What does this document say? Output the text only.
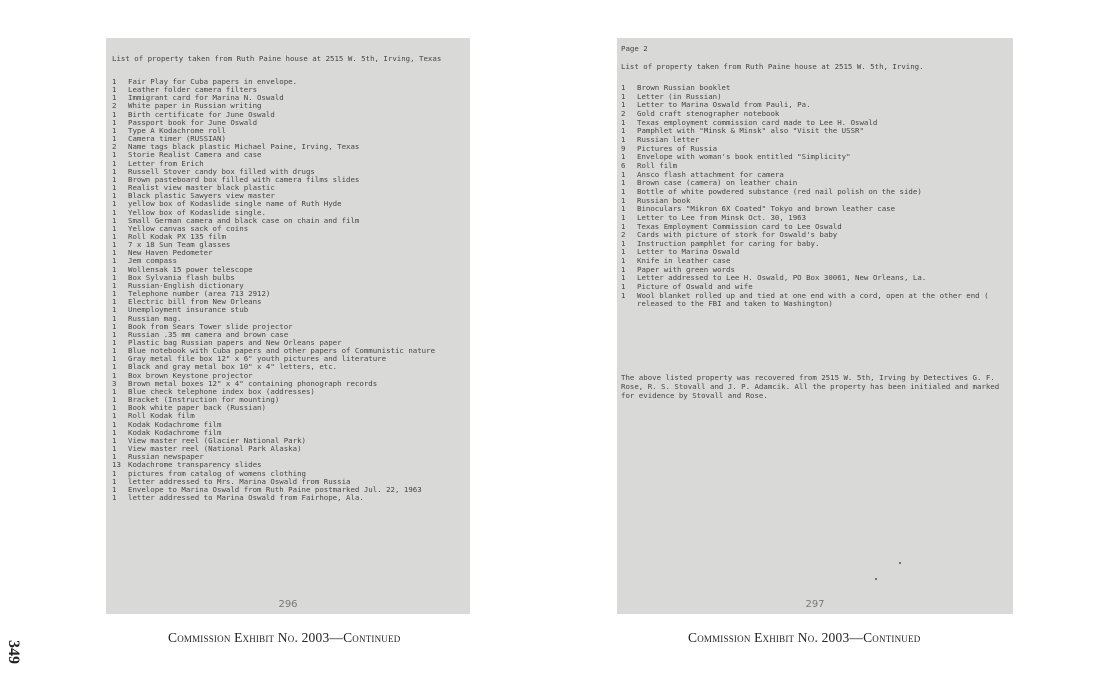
List of property taken from Ruth Paine house at 2515 W. 5th, Irving, Texas
1	Fair Play for Cuba papers in envelope.
1	Leather folder camera filters
1	Immigrant card for Marina N. Oswald
2	White paper in Russian writing
1	Birth certificate for June Oswald
1	Passport book for June Oswald
1	Type A Kodachrome roll
1	Camera timer (RUSSIAN)
2	Name tags black plastic Michael Paine, Irving, Texas
1	Storie Realist Camera and case
1	Letter from Erich
1	Russell Stover candy box filled with drugs
1	Brown pasteboard box filled with camera films slides
1	Realist view master black plastic
1	Black plastic Sawyers view master
1	yellow box of Kodaslide single name of Ruth Hyde
1	Yellow box of Kodaslide single.
1	Small German camera and black case on chain and film
1	Yellow canvas sack of coins
1	Roll Kodak PX 135 film
1	7 x 18 Sun Team glasses
1	New Haven Pedometer
1	Jem compass
1	Wollensak 15 power telescope
1	Box Sylvania flash bulbs
1	Russian-English dictionary
1	Telephone number (area 713 2912)
1	Electric bill from New Orleans
1	Unemployment insurance stub
1	Russian mag.
1	Book from Sears Tower slide projector
1	Russian .35 mm camera and brown case
1	Plastic bag Russian papers and New Orleans paper
1	Blue notebook with Cuba papers and other papers of Communistic nature
1	Gray metal file box 12" x 6" youth pictures and literature
1	Black and gray metal box 10" x 4" letters, etc.
1	Box brown Keystone projector
3	Brown metal boxes 12" x 4" containing phonograph records
1	Blue check telephone index box (addresses)
1	Bracket (Instruction for mounting)
1	Book white paper back (Russian)
1	Roll Kodak film
1	Kodak Kodachrome film
1	Kodak Kodachrome film
1	View master reel (Glacier National Park)
1	View master reel (National Park Alaska)
1	Russian newspaper
13 Kodachrome transparency slides
1	pictures from catalog of womens clothing
1	letter addressed to Mrs. Marina Oswald from Russia
1	Envelope to Marina Oswald from Ruth Paine postmarked Jul. 22, 1963
1	letter addressed to Marina Oswald from Fairhope, Ala.
296
Page 2
List of property taken from Ruth Paine house at 2515 W. 5th, Irving.
1	Brown Russian booklet
1	Letter (in Russian)
1	Letter to Marina Oswald from Pauli, Pa.
2	Gold craft stenographer notebook
1	Texas employment commission card made to Lee H. Oswald
1	Pamphlet with "Minsk & Minsk" also "Visit the USSR"
1	Russian letter
9	Pictures of Russia
1	Envelope with woman's book entitled "Simplicity"
6	Roll film
1	Ansco flash attachment for camera
1	Brown case (camera) on leather chain
1	Bottle of white powdered substance (red nail polish on the side)
1	Russian book
1	Binoculars "Mikron 6X Coated" Tokyo and brown leather case
1	Letter to Lee from Minsk Oct. 30, 1963
1	Texas Employment Commission card to Lee Oswald
2	Cards with picture of stork for Oswald's baby
1	Instruction pamphlet for caring for baby.
1	Letter to Marina Oswald
1	Knife in leather case
1	Paper with green words
1	Letter addressed to Lee H. Oswald, PO Box 30061, New Orleans, La.
1	Picture of Oswald and wife
1	Wool blanket rolled up and tied at one end with a cord, open at the other end ( released to the FBI and taken to Washington)
The above listed property was recovered from 2515 W. 5th, Irving by Detectives G. F. Rose, R. S. Stovall and J. P. Adamcik. All the property has been initialed and marked for evidence by Stovall and Rose.
297
Commission Exhibit No. 2003—Continued	Commission Exhibit No. 2003—Continued
349
